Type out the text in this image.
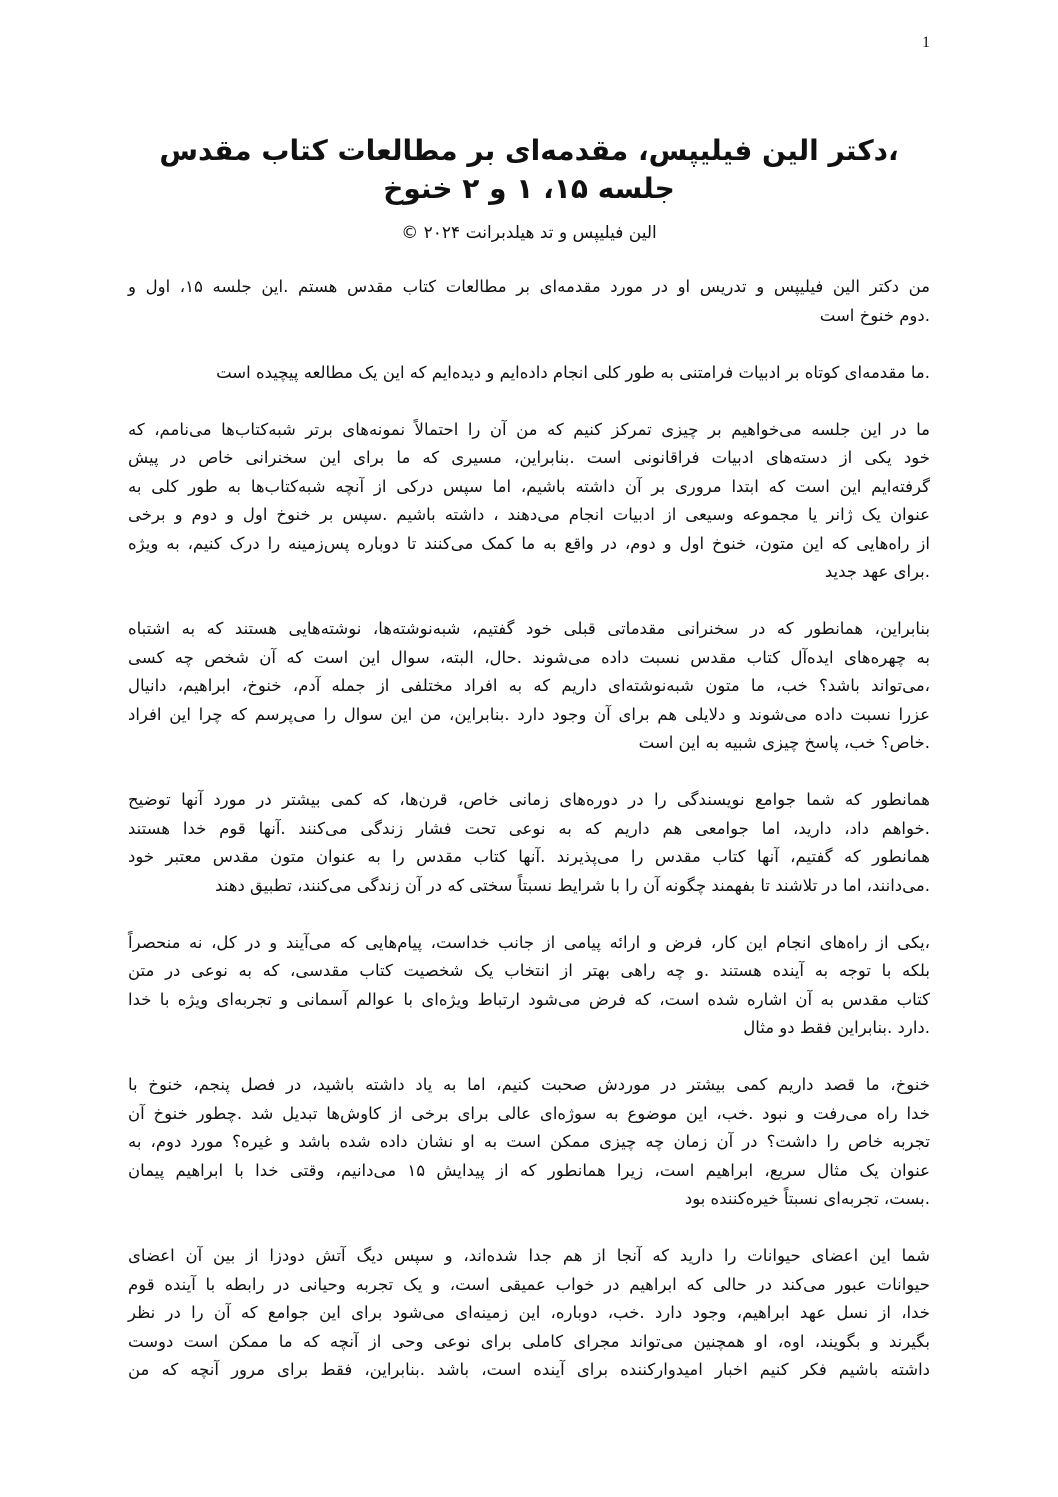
1
،دکتر الین فیلیپس، مقدمه‌ای بر مطالعات کتاب مقدس
جلسه ۱۵، ۱ و ۲ خنوخ
الین فیلیپس و تد هیلدبرانت ۲۰۲۴ ©
من دکتر الین فیلیپس و تدریس او در مورد مقدمه‌ای بر مطالعات کتاب مقدس هستم .این جلسه ۱۵، اول و
.دوم خنوخ است
.ما مقدمه‌ای کوتاه بر ادبیات فرامتنی به طور کلی انجام داده‌ایم و دیده‌ایم که این یک مطالعه پیچیده است
ما در این جلسه می‌خواهیم بر چیزی تمرکز کنیم که من آن را احتمالاً نمونه‌های برتر شبه‌کتاب‌ها می‌نامم، که
خود یکی از دسته‌های ادبیات فراقانونی است .بنابراین، مسیری که ما برای این سخنرانی خاص در پیش
گرفته‌ایم این است که ابتدا مروری بر آن داشته باشیم، اما سپس درکی از آنچه شبه‌کتاب‌ها به طور کلی به
عنوان یک ژانر یا مجموعه وسیعی از ادبیات انجام می‌دهند ، داشته باشیم .سپس بر خنوخ اول و دوم و برخی
از راه‌هایی که این متون، خنوخ اول و دوم، در واقع به ما کمک می‌کنند تا دوباره پس‌زمینه را درک کنیم، به ویژه
.برای عهد جدید
بنابراین، همانطور که در سخنرانی مقدماتی قبلی خود گفتیم، شبه‌نوشته‌ها، نوشته‌هایی هستند که به اشتباه
به چهره‌های ایده‌آل کتاب مقدس نسبت داده می‌شوند .حال، البته، سوال این است که آن شخص چه کسی
،می‌تواند باشد؟ خب، ما متون شبه‌نوشته‌ای داریم که به افراد مختلفی از جمله آدم، خنوخ، ابراهیم، دانیال
عزرا نسبت داده می‌شوند و دلایلی هم برای آن وجود دارد .بنابراین، من این سوال را می‌پرسم که چرا این افراد
.خاص؟ خب، پاسخ چیزی شبیه به این است
همانطور که شما جوامع نویسندگی را در دوره‌های زمانی خاص، قرن‌ها، که کمی بیشتر در مورد آنها توضیح
.خواهم داد، دارید، اما جوامعی هم داریم که به نوعی تحت فشار زندگی می‌کنند .آنها قوم خدا هستند
همانطور که گفتیم، آنها کتاب مقدس را می‌پذیرند .آنها کتاب مقدس را به عنوان متون مقدس معتبر خود
.می‌دانند، اما در تلاشند تا بفهمند چگونه آن را با شرایط نسبتاً سختی که در آن زندگی می‌کنند، تطبیق دهند
،یکی از راه‌های انجام این کار، فرض و ارائه پیامی از جانب خداست، پیام‌هایی که می‌آیند و در کل، نه منحصراً
بلکه با توجه به آینده هستند .و چه راهی بهتر از انتخاب یک شخصیت کتاب مقدسی، که به نوعی در متن
کتاب مقدس به آن اشاره شده است، که فرض می‌شود ارتباط ویژه‌ای با عوالم آسمانی و تجربه‌ای ویژه با خدا
.دارد .بنابراین فقط دو مثال
خنوخ، ما قصد داریم کمی بیشتر در موردش صحبت کنیم، اما به یاد داشته باشید، در فصل پنجم، خنوخ با
خدا راه می‌رفت و نبود .خب، این موضوع به سوژه‌ای عالی برای برخی از کاوش‌ها تبدیل شد .چطور خنوخ آن
تجربه خاص را داشت؟ در آن زمان چه چیزی ممکن است به او نشان داده شده باشد و غیره؟ مورد دوم، به
عنوان یک مثال سریع، ابراهیم است، زیرا همانطور که از پیدایش ۱۵ می‌دانیم، وقتی خدا با ابراهیم پیمان
.بست، تجربه‌ای نسبتاً خیره‌کننده بود
شما این اعضای حیوانات را دارید که آنجا از هم جدا شده‌اند، و سپس دیگ آتش دودزا از بین آن اعضای
حیوانات عبور می‌کند در حالی که ابراهیم در خواب عمیقی است، و یک تجربه وحیانی در رابطه با آینده قوم
خدا، از نسل عهد ابراهیم، وجود دارد .خب، دوباره، این زمینه‌ای می‌شود برای این جوامع که آن را در نظر
بگیرند و بگویند، اوه، او همچنین می‌تواند مجرای کاملی برای نوعی وحی از آنچه که ما ممکن است دوست
داشته باشیم فکر کنیم اخبار امیدوارکننده برای آینده است، باشد .بنابراین، فقط برای مرور آنچه که من
